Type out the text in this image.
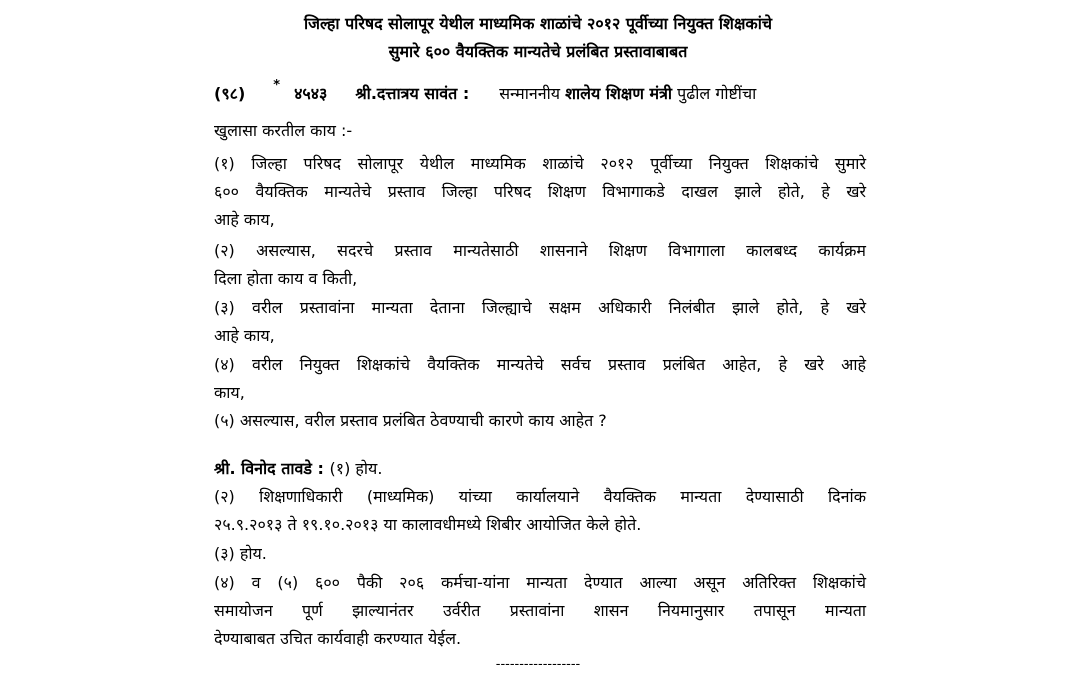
जिल्हा परिषद सोलापूर येथील माध्यमिक शाळांचे २०१२ पूर्वीच्या नियुक्त शिक्षकांचे
सुमारे ६०० वैयक्तिक मान्यतेचे प्रलंबित प्रस्तावाबाबत
(९८) * ४५४३ श्री.दत्तात्रय सावंत : सन्माननीय शालेय शिक्षण मंत्री पुढील गोष्टींचा
खुलासा करतील काय :-
(१) जिल्हा परिषद सोलापूर येथील माध्यमिक शाळांचे २०१२ पूर्वीच्या नियुक्त शिक्षकांचे सुमारे
६०० वैयक्तिक मान्यतेचे प्रस्ताव जिल्हा परिषद शिक्षण विभागाकडे दाखल झाले होते, हे खरे
आहे काय,
(२) असल्यास, सदरचे प्रस्ताव मान्यतेसाठी शासनाने शिक्षण विभागाला कालबध्द कार्यक्रम
दिला होता काय व किती,
(३) वरील प्रस्तावांना मान्यता देताना जिल्ह्याचे सक्षम अधिकारी निलंबीत झाले होते, हे खरे
आहे काय,
(४) वरील नियुक्त शिक्षकांचे वैयक्तिक मान्यतेचे सर्वच प्रस्ताव प्रलंबित आहेत, हे खरे आहे
काय,
(५) असल्यास, वरील प्रस्ताव प्रलंबित ठेवण्याची कारणे काय आहेत ?
श्री. विनोद तावडे : (१) होय.
(२) शिक्षणाधिकारी (माध्यमिक) यांच्या कार्यालयाने वैयक्तिक मान्यता देण्यासाठी दिनांक
२५.९.२०१३ ते १९.१०.२०१३ या कालावधीमध्ये शिबीर आयोजित केले होते.
(३) होय.
(४) व (५) ६०० पैकी २०६ कर्मचा-यांना मान्यता देण्यात आल्या असून अतिरिक्त शिक्षकांचे
समायोजन पूर्ण झाल्यानंतर उर्वरीत प्रस्तावांना शासन नियमानुसार तपासून मान्यता
देण्याबाबत उचित कार्यवाही करण्यात येईल.
------------------
